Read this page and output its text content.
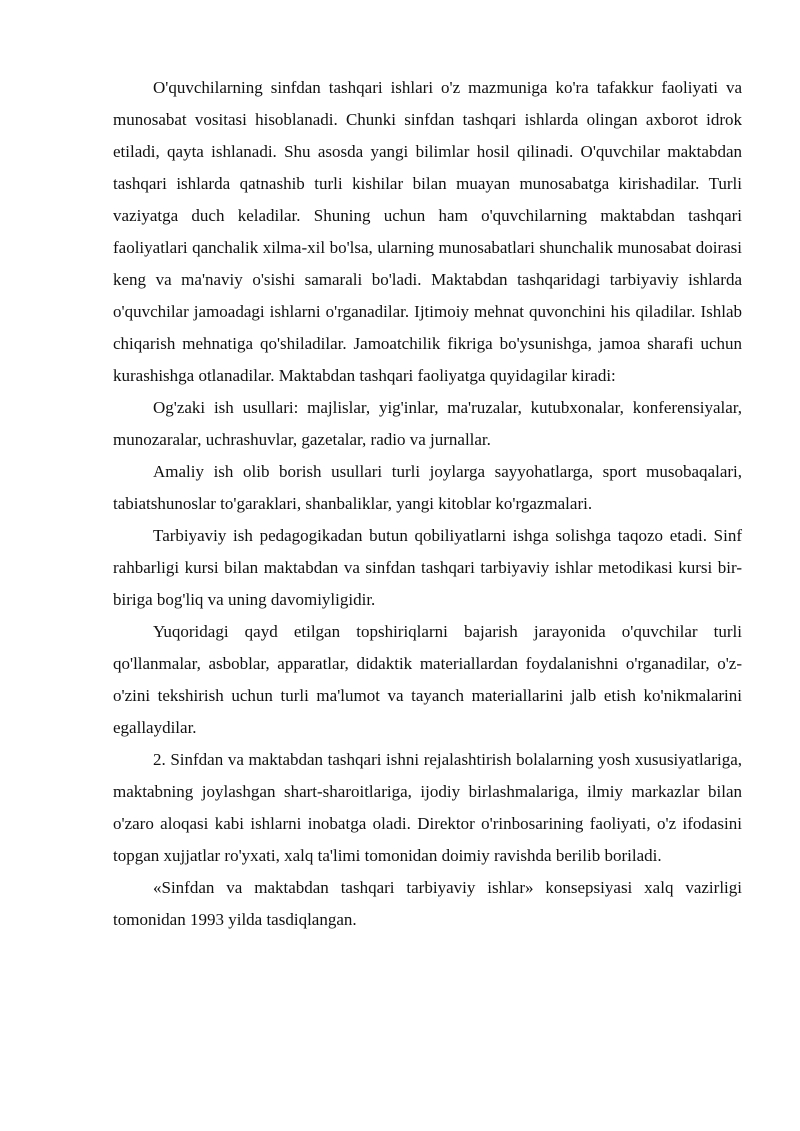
O'quvchilarning sinfdan tashqari ishlari o'z mazmuniga ko'ra tafakkur faoliyati va munosabat vositasi hisoblanadi. Chunki sinfdan tashqari ishlarda olingan axborot idrok etiladi, qayta ishlanadi. Shu asosda yangi bilimlar hosil qilinadi. O'quvchilar maktabdan tashqari ishlarda qatnashib turli kishilar bilan muayan munosabatga kirishadilar. Turli vaziyatga duch keladilar. Shuning uchun ham o'quvchilarning maktabdan tashqari faoliyatlari qanchalik xilma-xil bo'lsa, ularning munosabatlari shunchalik munosabat doirasi keng va ma'naviy o'sishi samarali bo'ladi. Maktabdan tashqaridagi tarbiyaviy ishlarda o'quvchilar jamoadagi ishlarni o'rganadilar. Ijtimoiy mehnat quvonchini his qiladilar. Ishlab chiqarish mehnatiga qo'shiladilar. Jamoatchilik fikriga bo'ysunishga, jamoa sharafi uchun kurashishga otlanadilar. Maktabdan tashqari faoliyatga quyidagilar kiradi:

Og'zaki ish usullari: majlislar, yig'inlar, ma'ruzalar, kutubxonalar, konferensiyalar, munozaralar, uchrashuvlar, gazetalar, radio va jurnallar.

Amaliy ish olib borish usullari turli joylarga sayyohatlarga, sport musobaqalari, tabiatshunoslar to'garaklari, shanbaliklar, yangi kitoblar ko'rgazmalari.

Tarbiyaviy ish pedagogikadan butun qobiliyatlarni ishga solishga taqozo etadi. Sinf rahbarligi kursi bilan maktabdan va sinfdan tashqari tarbiyaviy ishlar metodikasi kursi bir-biriga bog'liq va uning davomiyligidir.

Yuqoridagi qayd etilgan topshiriqlarni bajarish jarayonida o'quvchilar turli qo'llanmalar, asboblar, apparatlar, didaktik materiallardan foydalanishni o'rganadilar, o'z-o'zini tekshirish uchun turli ma'lumot va tayanch materiallarini jalb etish ko'nikmalarini egallaydilar.

2. Sinfdan va maktabdan tashqari ishni rejalashtirish bolalarning yosh xususiyatlariga, maktabning joylashgan shart-sharoitlariga, ijodiy birlashmalariga, ilmiy markazlar bilan o'zaro aloqasi kabi ishlarni inobatga oladi. Direktor o'rinbosarining faoliyati, o'z ifodasini topgan xujjatlar ro'yxati, xalq ta'limi tomonidan doimiy ravishda berilib boriladi.

«Sinfdan va maktabdan tashqari tarbiyaviy ishlar» konsepsiyasi xalq vazirligi tomonidan 1993 yilda tasdiqlangan.
